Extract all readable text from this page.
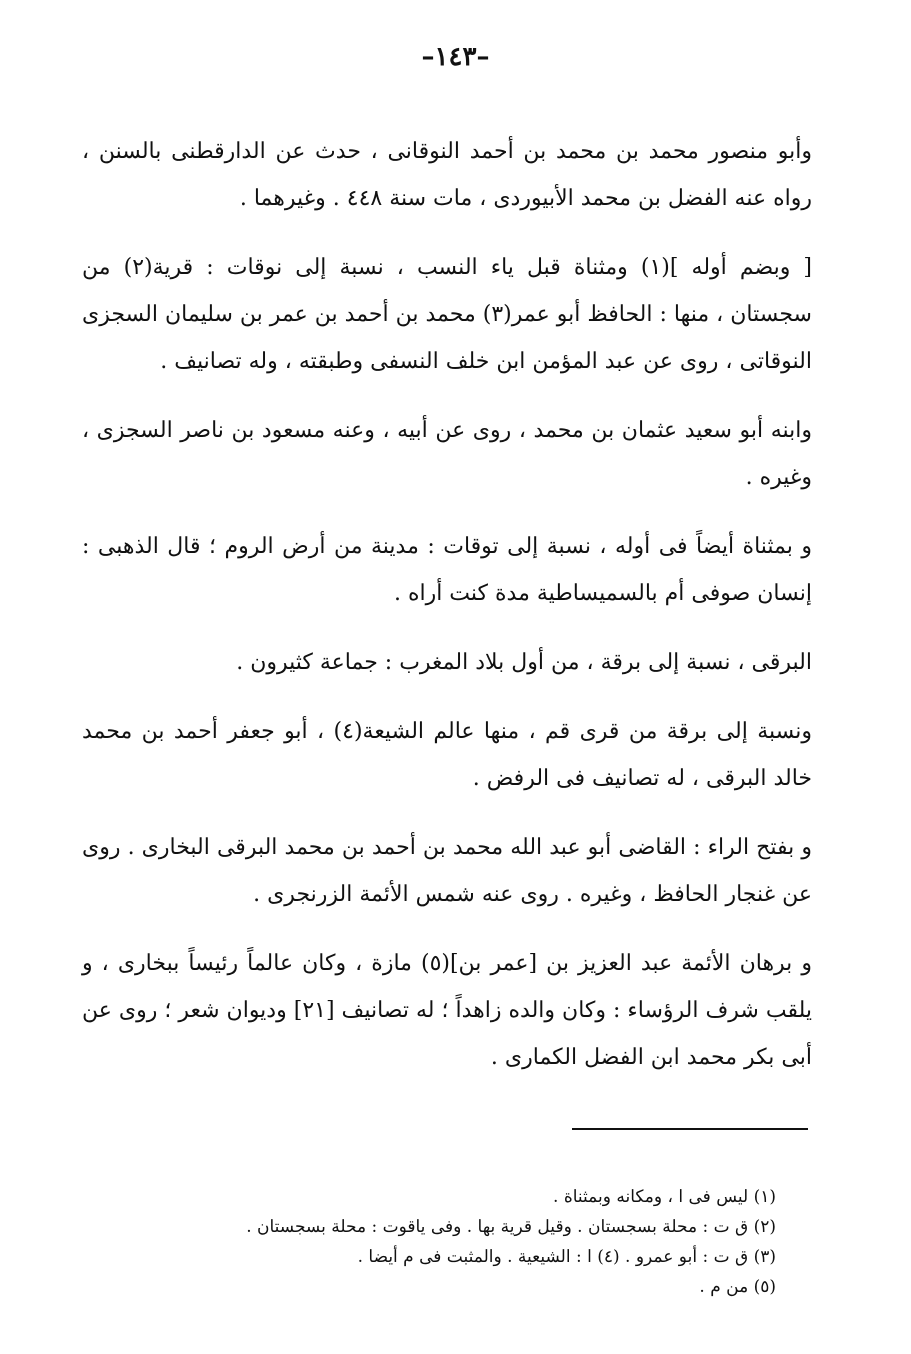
–١٤٣–

وأبو منصور محمد بن محمد بن أحمد النوقانى ، حدث عن الدارقطنى بالسنن ، رواه عنه الفضل بن محمد الأبيوردى ، مات سنة ٤٤٨ . وغيرهما .

[ وبضم أوله ](١) ومثناة قبل ياء النسب ، نسبة إلى نوقات : قرية(٢) من سجستان ، منها : الحافظ أبو عمر(٣) محمد بن أحمد بن عمر بن سليمان السجزى النوقاتى ، روى عن عبد المؤمن ابن خلف النسفى وطبقته ، وله تصانيف .

وابنه أبو سعيد عثمان بن محمد ، روى عن أبيه ، وعنه مسعود بن ناصر السجزى ، وغيره .

و بمثناة أيضاً فى أوله ، نسبة إلى توقات : مدينة من أرض الروم ؛ قال الذهبى : إنسان صوفى أم بالسميساطية مدة كنت أراه .

البرقى ، نسبة إلى برقة ، من أول بلاد المغرب : جماعة كثيرون .

ونسبة إلى برقة من قرى قم ، منها عالم الشيعة(٤) ، أبو جعفر أحمد بن محمد خالد البرقى ، له تصانيف فى الرفض .

و بفتح الراء : القاضى أبو عبد الله محمد بن أحمد بن محمد البرقى البخارى . روى عن غنجار الحافظ ، وغيره . روى عنه شمس الأئمة الزرنجرى .

و برهان الأئمة عبد العزيز بن [عمر بن](٥) مازة ، وكان عالماً رئيساً ببخارى ، و يلقب شرف الرؤساء : وكان والده زاهداً ؛ له تصانيف [٢١] وديوان شعر ؛ روى عن أبى بكر محمد ابن الفضل الكمارى .

(١) ليس فى ا ، ومكانه وبمثناة .

(٢) ق ت : محلة بسجستان . وقيل قرية بها . وفى ياقوت : محلة بسجستان .

(٣) ق ت : أبو عمرو . (٤) ا : الشيعية . والمثبت فى م أيضا .

(٥) من م .
